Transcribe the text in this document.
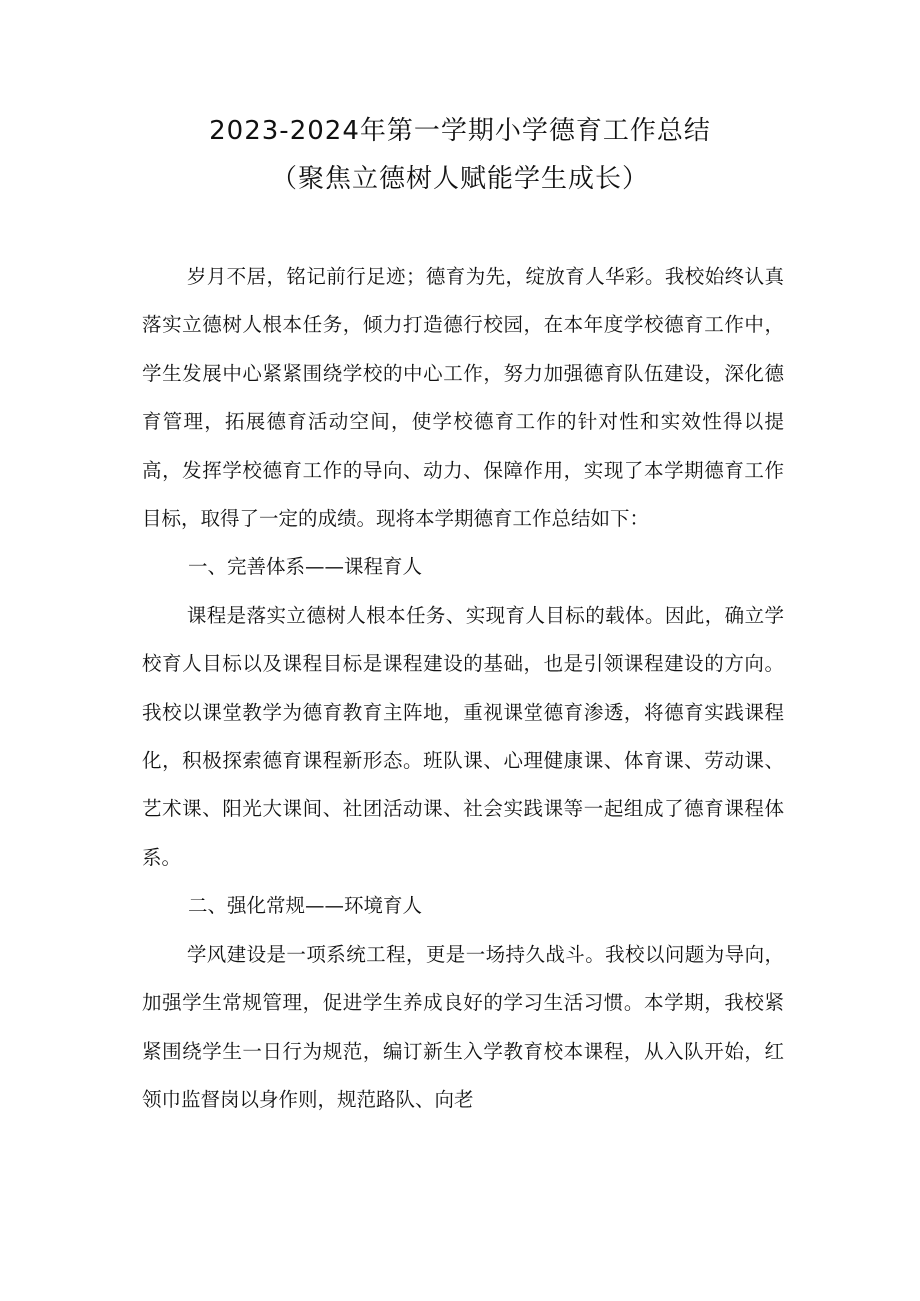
2023-2024年第一学期小学德育工作总结
（聚焦立德树人赋能学生成长）

岁月不居，铭记前行足迹；德育为先，绽放育人华彩。我校始终认真落实立德树人根本任务，倾力打造德行校园，在本年度学校德育工作中，学生发展中心紧紧围绕学校的中心工作，努力加强德育队伍建设，深化德育管理，拓展德育活动空间，使学校德育工作的针对性和实效性得以提高，发挥学校德育工作的导向、动力、保障作用，实现了本学期德育工作目标，取得了一定的成绩。现将本学期德育工作总结如下：

一、完善体系——课程育人

课程是落实立德树人根本任务、实现育人目标的载体。因此，确立学校育人目标以及课程目标是课程建设的基础，也是引领课程建设的方向。我校以课堂教学为德育教育主阵地，重视课堂德育渗透，将德育实践课程化，积极探索德育课程新形态。班队课、心理健康课、体育课、劳动课、艺术课、阳光大课间、社团活动课、社会实践课等一起组成了德育课程体系。

二、强化常规——环境育人

学风建设是一项系统工程，更是一场持久战斗。我校以问题为导向，加强学生常规管理，促进学生养成良好的学习生活习惯。本学期，我校紧紧围绕学生一日行为规范，编订新生入学教育校本课程，从入队开始，红领巾监督岗以身作则，规范路队、向老
